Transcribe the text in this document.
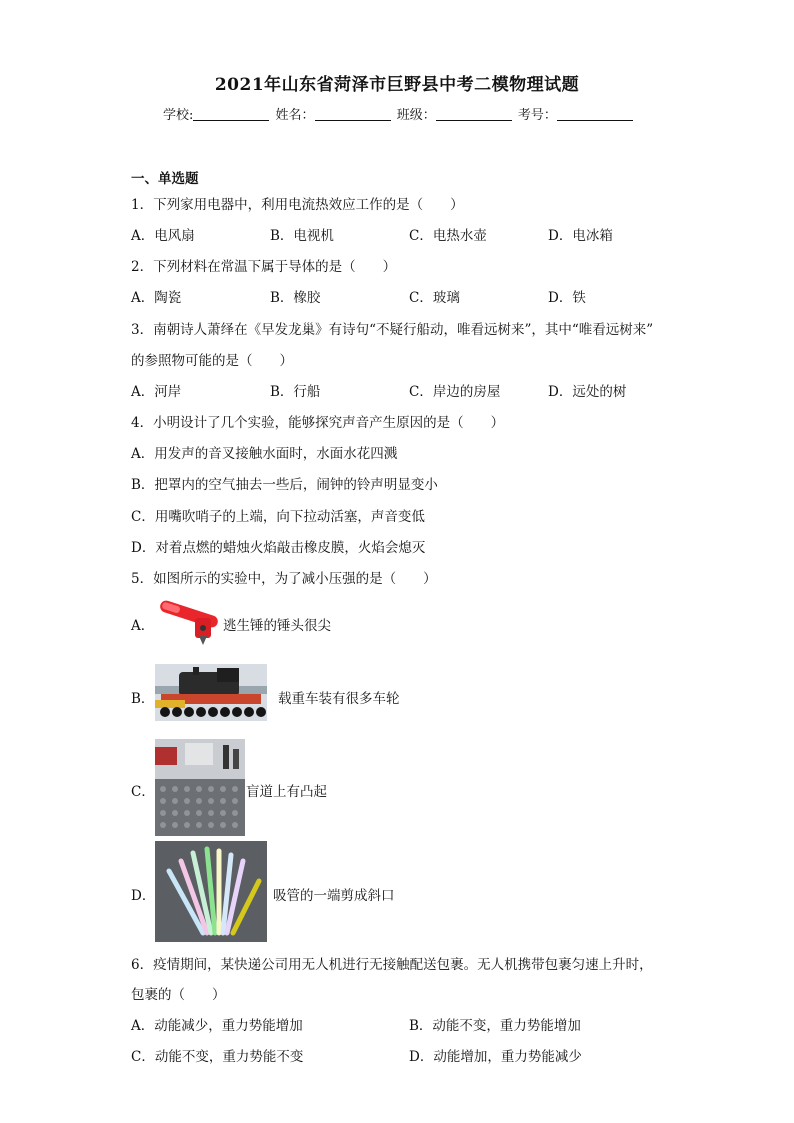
2021年山东省菏泽市巨野县中考二模物理试题
学校:	姓名：	班级：	考号：
一、单选题
1．下列家用电器中，利用电流热效应工作的是（　　）
A．电风扇	B．电视机	C．电热水壶	D．电冰箱
2．下列材料在常温下属于导体的是（　　）
A．陶瓷	B．橡胶	C．玻璃	D．铁
3．南朝诗人萧绎在《早发龙巢》有诗句“不疑行船动，唯看远树来”，其中“唯看远树来”
的参照物可能的是（　　）
A．河岸	B．行船	C．岸边的房屋	D．远处的树
4．小明设计了几个实验，能够探究声音产生原因的是（　　）
A．用发声的音叉接触水面时，水面水花四溅
B．把罩内的空气抽去一些后，闹钟的铃声明显变小
C．用嘴吹哨子的上端，向下拉动活塞，声音变低
D．对着点燃的蜡烛火焰敲击橡皮膜，火焰会熄灭
5．如图所示的实验中，为了减小压强的是（　　）
A．	逃生锤的锤头很尖
B．	载重车装有很多车轮
C．	盲道上有凸起
D．	吸管的一端剪成斜口
6．疫情期间，某快递公司用无人机进行无接触配送包裹。无人机携带包裹匀速上升时，
包裹的（　　）
A．动能减少，重力势能增加	B．动能不变，重力势能增加
C．动能不变，重力势能不变	D．动能增加，重力势能减少
